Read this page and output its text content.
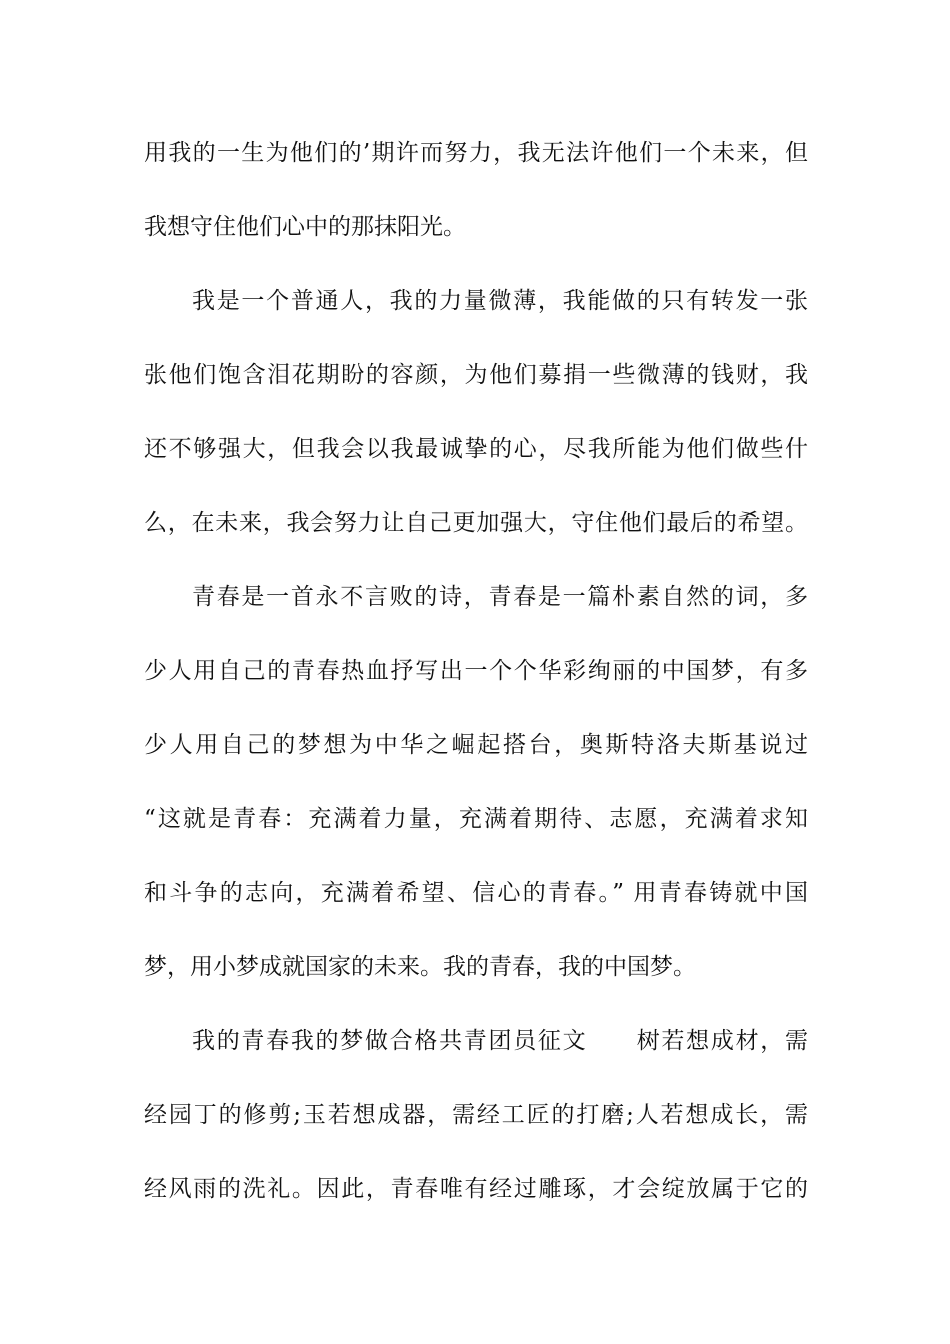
用我的一生为他们的’期许而努力，我无法许他们一个未来，但
我想守住他们心中的那抹阳光。
我是一个普通人，我的力量微薄，我能做的只有转发一张
张他们饱含泪花期盼的容颜，为他们募捐一些微薄的钱财，我
还不够强大，但我会以我最诚挚的心，尽我所能为他们做些什
么，在未来，我会努力让自己更加强大，守住他们最后的希望。
青春是一首永不言败的诗，青春是一篇朴素自然的词，多
少人用自己的青春热血抒写出一个个华彩绚丽的中国梦，有多
少人用自己的梦想为中华之崛起搭台，奥斯特洛夫斯基说过
“这就是青春：充满着力量，充满着期待、志愿，充满着求知
和斗争的志向，充满着希望、信心的青春。” 用青春铸就中国
梦，用小梦成就国家的未来。我的青春，我的中国梦。
我的青春我的梦做合格共青团员征文　　树若想成材，需
经园丁的修剪;玉若想成器，需经工匠的打磨;人若想成长，需
经风雨的洗礼。因此，青春唯有经过雕琢，才会绽放属于它的
